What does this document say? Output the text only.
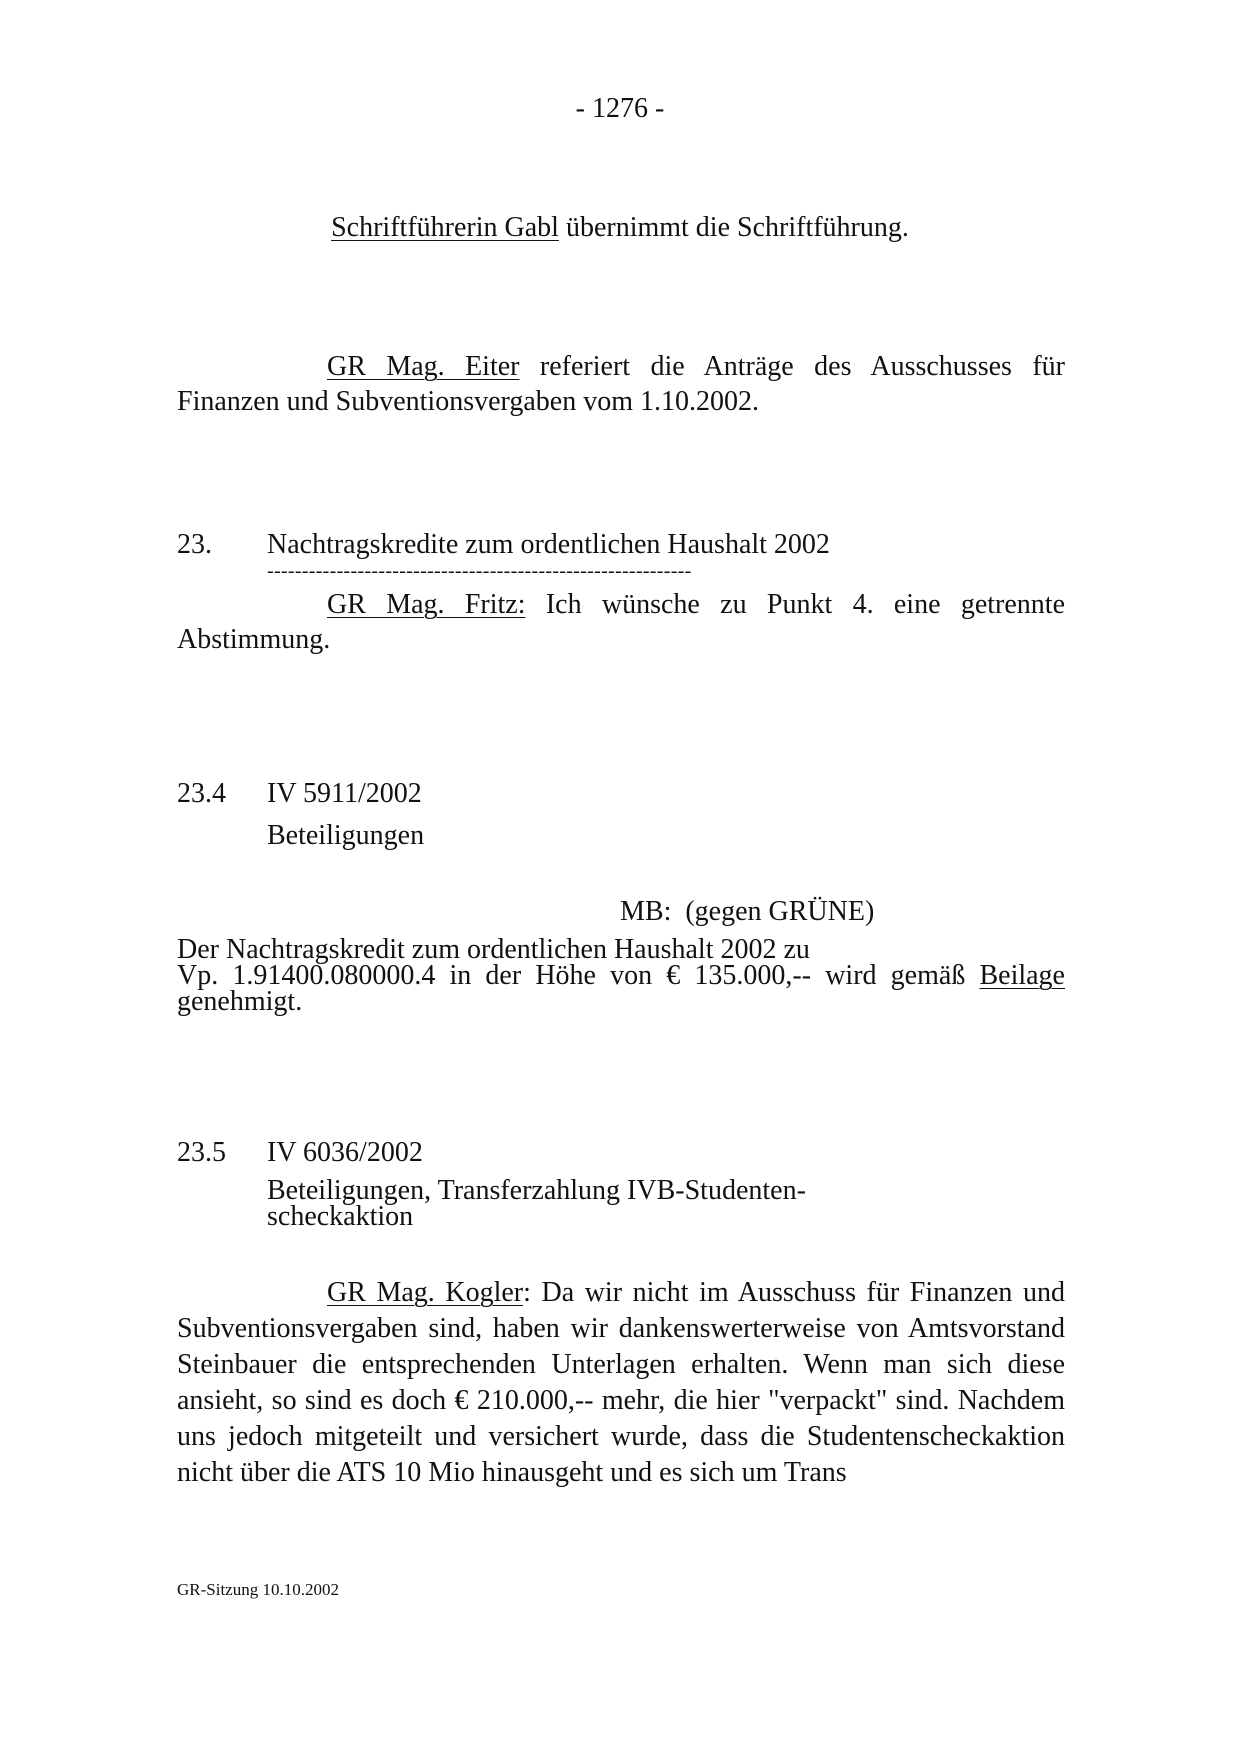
- 1276 -
Schriftführerin Gabl übernimmt die Schriftführung.
GR Mag. Eiter referiert die Anträge des Ausschusses für Finanzen und Subventionsvergaben vom 1.10.2002.
23. Nachtragskredite zum ordentlichen Haushalt 2002
-------------------------------------------------------------
GR Mag. Fritz: Ich wünsche zu Punkt 4. eine getrennte Abstimmung.
23.4 IV 5911/2002
Beteiligungen
MB: (gegen GRÜNE)
Der Nachtragskredit zum ordentlichen Haushalt 2002 zu
Vp. 1.91400.080000.4 in der Höhe von € 135.000,-- wird gemäß Beilage
genehmigt.
23.5 IV 6036/2002
Beteiligungen, Transferzahlung IVB-Studenten-
scheckaktion
GR Mag. Kogler: Da wir nicht im Ausschuss für Finanzen und Subventionsvergaben sind, haben wir dankenswerterweise von Amtsvorstand Steinbauer die entsprechenden Unterlagen erhalten. Wenn man sich diese ansieht, so sind es doch € 210.000,-- mehr, die hier "verpackt" sind. Nachdem uns jedoch mitgeteilt und versichert wurde, dass die Studentenscheckaktion nicht über die ATS 10 Mio hinausgeht und es sich um Trans
GR-Sitzung 10.10.2002
